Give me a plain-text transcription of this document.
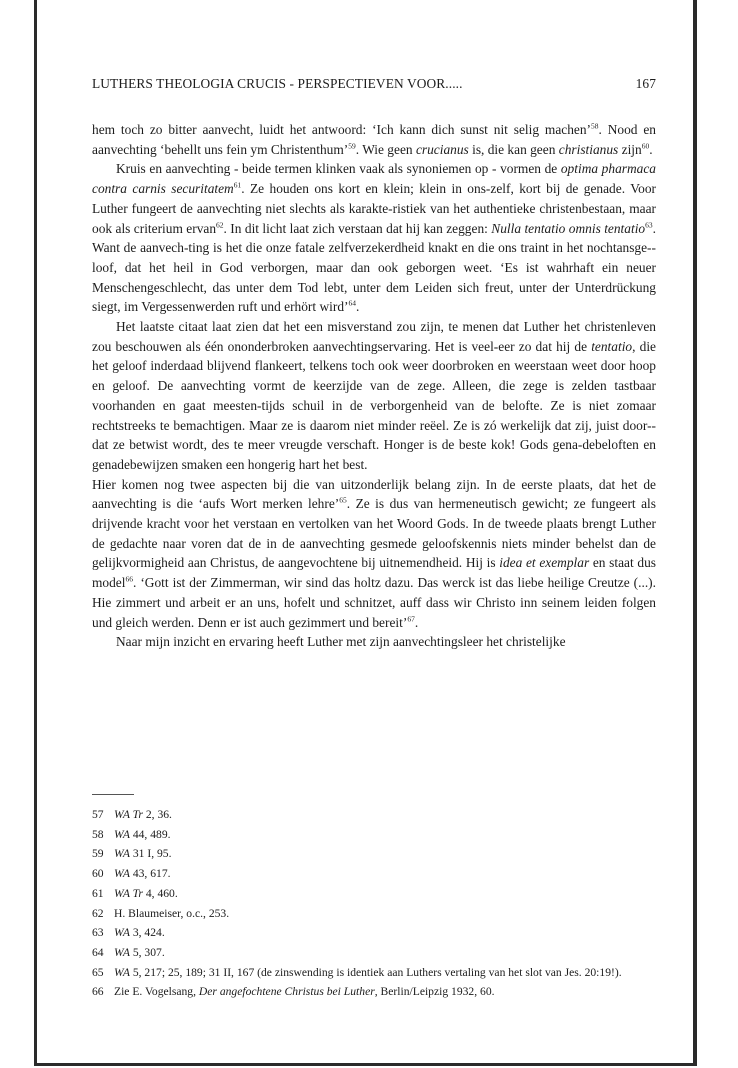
LUTHERS THEOLOGIA CRUCIS - PERSPECTIEVEN VOOR.....	167

hem toch zo bitter aanvecht, luidt het antwoord: ‘Ich kann dich sunst nit selig machen’$^{58}$. Nood en aanvechting ‘behellt uns fein ym Christenthum’$^{59}$. Wie geen crucianus is, die kan geen christianus zijn$^{60}$.

Kruis en aanvechting - beide termen klinken vaak als synoniemen op - vormen de optima pharmaca contra carnis securitatem$^{61}$. Ze houden ons kort en klein; klein in ons-zelf, kort bij de genade. Voor Luther fungeert de aanvechting niet slechts als karakte-ristiek van het authentieke christenbestaan, maar ook als criterium ervan$^{62}$. In dit licht laat zich verstaan dat hij kan zeggen: Nulla tentatio omnis tentatio$^{63}$. Want de aanvech-ting is het die onze fatale zelfverzekerdheid knakt en die ons traint in het nochtansge-loof, dat het heil in God verborgen, maar dan ook geborgen weet. ‘Es ist wahrhaft ein neuer Menschengeschlecht, das unter dem Tod lebt, unter dem Leiden sich freut, unter der Unterdrückung siegt, im Vergessenwerden ruft und erhört wird’$^{64}$.

Het laatste citaat laat zien dat het een misverstand zou zijn, te menen dat Luther het christenleven zou beschouwen als één ononderbroken aanvechtingservaring. Het is veel-eer zo dat hij de tentatio, die het geloof inderdaad blijvend flankeert, telkens toch ook weer doorbroken en weerstaan weet door hoop en geloof. De aanvechting vormt de keerzijde van de zege. Alleen, die zege is zelden tastbaar voorhanden en gaat meesten-tijds schuil in de verborgenheid van de belofte. Ze is niet zomaar rechtstreeks te bemachtigen. Maar ze is daarom niet minder reëel. Ze is zó werkelijk dat zij, juist door-dat ze betwist wordt, des te meer vreugde verschaft. Honger is de beste kok! Gods gena-debeloften en genadebewijzen smaken een hongerig hart het best.

Hier komen nog twee aspecten bij die van uitzonderlijk belang zijn. In de eerste plaats, dat het de aanvechting is die ‘aufs Wort merken lehre’$^{65}$. Ze is dus van hermeneutisch gewicht; ze fungeert als drijvende kracht voor het verstaan en vertolken van het Woord Gods. In de tweede plaats brengt Luther de gedachte naar voren dat de in de aanvechting gesmede geloofskennis niets minder behelst dan de gelijkvormigheid aan Christus, de aangevochtene bij uitnemendheid. Hij is idea et exemplar en staat dus model$^{66}$. ‘Gott ist der Zimmerman, wir sind das holtz dazu. Das werck ist das liebe heilige Creutze (...). Hie zimmert und arbeit er an uns, hofelt und schnitzet, auff dass wir Christo inn seinem leiden folgen und gleich werden. Denn er ist auch gezimmert und bereit’$^{67}$.

Naar mijn inzicht en ervaring heeft Luther met zijn aanvechtingsleer het christelijke

57 WA Tr 2, 36.
58 WA 44, 489.
59 WA 31 I, 95.
60 WA 43, 617.
61 WA Tr 4, 460.
62 H. Blaumeiser, o.c., 253.
63 WA 3, 424.
64 WA 5, 307.
65 WA 5, 217; 25, 189; 31 II, 167 (de zinswending is identiek aan Luthers vertaling van het slot van Jes. 20:19!).
66 Zie E. Vogelsang, Der angefochtene Christus bei Luther, Berlin/Leipzig 1932, 60.
